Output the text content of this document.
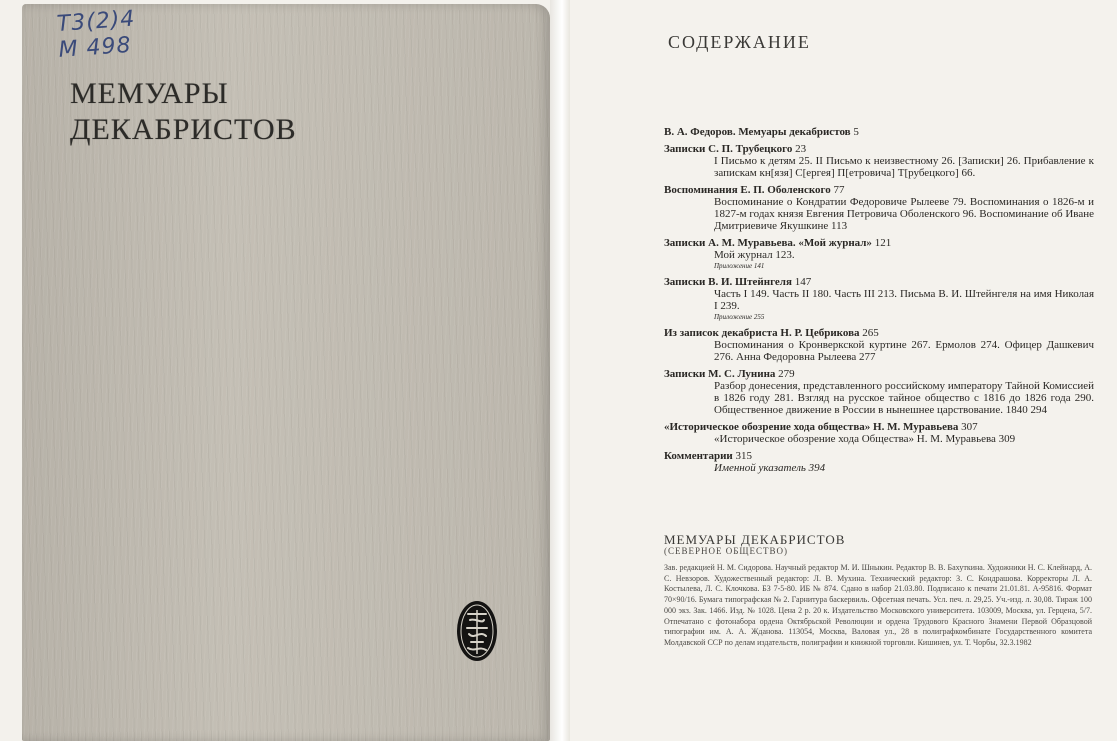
Т3(2)4
М 498
МЕМУАРЫ
ДЕКАБРИСТОВ
СОДЕРЖАНИЕ
В. А. Федоров. Мемуары декабристов 5
Записки С. П. Трубецкого 23
I Письмо к детям 25. II Письмо к неизвестному 26. [Записки] 26. Прибавление к запискам кн[язя] С[ергея] П[етровича] Т[рубецкого] 66.
Воспоминания Е. П. Оболенского 77
Воспоминание о Кондратии Федоровиче Рылееве 79. Воспоминания о 1826-м и 1827-м годах князя Евгения Петровича Оболенского 96. Воспоминание об Иване Дмитриевиче Якушкине 113
Записки А. М. Муравьева. «Мой журнал» 121
Мой журнал 123.
Приложение 141
Записки В. И. Штейнгеля 147
Часть I 149. Часть II 180. Часть III 213. Письма В. И. Штейнгеля на имя Николая I 239.
Приложение 255
Из записок декабриста Н. Р. Цебрикова 265
Воспоминания о Кронверкской куртине 267. Ермолов 274. Офицер Дашкевич 276. Анна Федоровна Рылеева 277
Записки М. С. Лунина 279
Разбор донесения, представленного российскому императору Тайной Комиссией в 1826 году 281. Взгляд на русское тайное общество с 1816 до 1826 года 290. Общественное движение в России в нынешнее царствование. 1840 294
«Историческое обозрение хода общества» Н. М. Муравьева 307
«Историческое обозрение хода Общества» Н. М. Муравьева 309
Комментарии 315
Именной указатель 394
МЕМУАРЫ ДЕКАБРИСТОВ
(СЕВЕРНОЕ ОБЩЕСТВО)
Зав. редакцией Н. М. Сидорова. Научный редактор М. И. Шныкин. Редактор В. В. Бахуткина. Художники Н. С. Клейнард, А. С. Невзоров. Художественный редактор: Л. В. Мухина. Технический редактор: З. С. Кондрашова. Корректоры Л. А. Костылева, Л. С. Клочкова. БЗ 7-5-80. ИБ № 874. Сдано в набор 21.03.80. Подписано к печати 21.01.81. А-95816. Формат 70×90/16. Бумага типографская № 2. Гарнитура баскервиль. Офсетная печать. Усл. печ. л. 29,25. Уч.-изд. л. 30,08. Тираж 100 000 экз. Зак. 1466. Изд. № 1028. Цена 2 р. 20 к. Издательство Московского университета. 103009, Москва, ул. Герцена, 5/7. Отпечатано с фотонабора ордена Октябрьской Революции и ордена Трудового Красного Знамени Первой Образцовой типографии им. А. А. Жданова. 113054, Москва, Валовая ул., 28 в полиграфкомбинате Государственного комитета Молдавской ССР по делам издательств, полиграфии и книжной торговли. Кишинев, ул. Т. Чорбы, 32.3.1982
